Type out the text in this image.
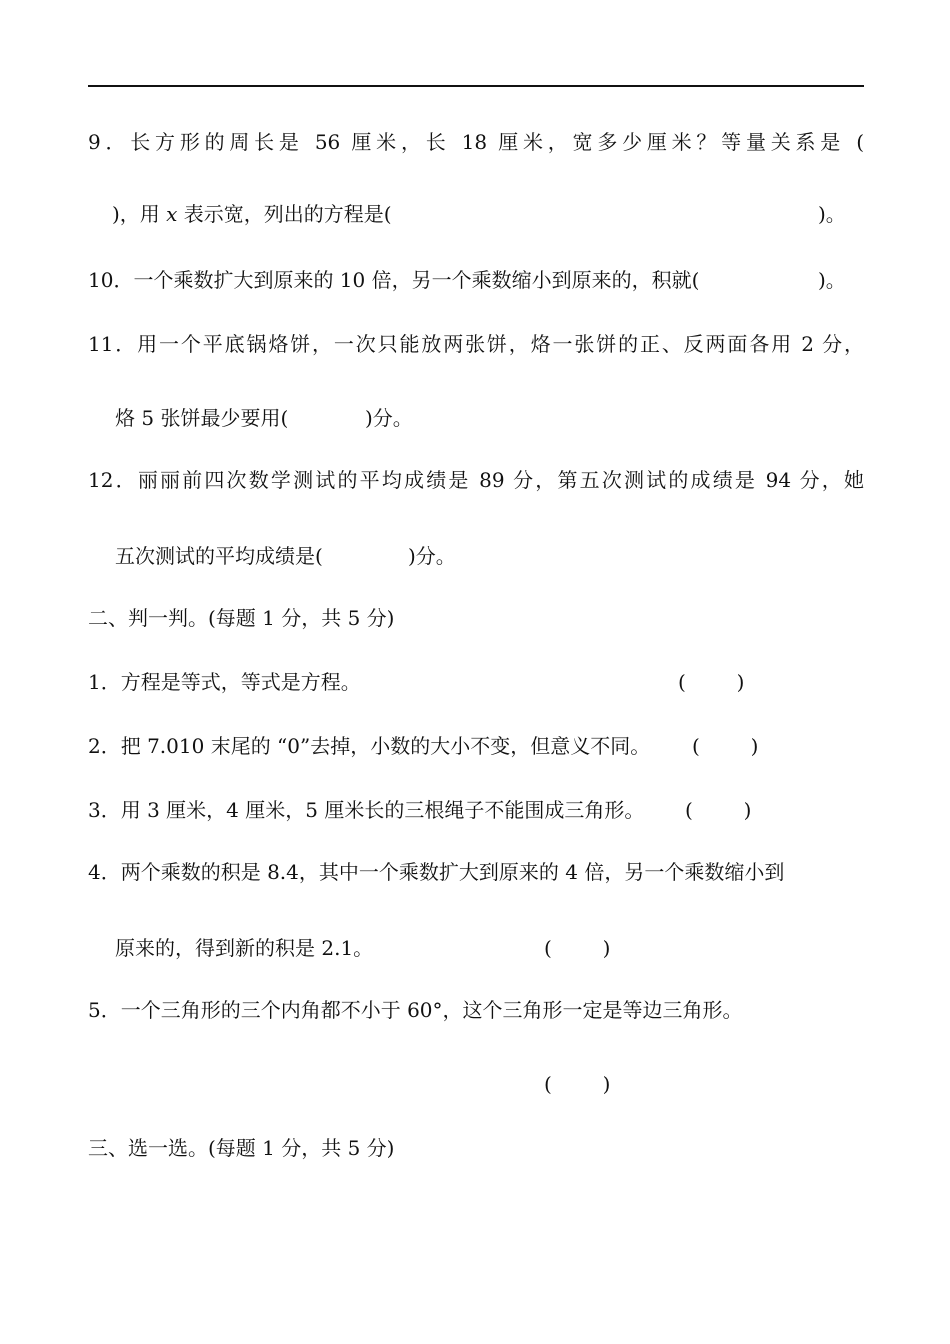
9．长方形的周长是 56 厘米，长 18 厘米，宽多少厘米？等量关系是 (
)，用 x 表示宽，列出的方程是(	)。
10．一个乘数扩大到原来的 10 倍，另一个乘数缩小到原来的，积就(	)。
11．用一个平底锅烙饼，一次只能放两张饼，烙一张饼的正、反两面各用 2 分，
烙 5 张饼最少要用(	)分。
12．丽丽前四次数学测试的平均成绩是 89 分，第五次测试的成绩是 94 分，她
五次测试的平均成绩是(	)分。
二、判一判。(每题 1 分，共 5 分)
1．方程是等式，等式是方程。	(        )
2．把 7.010 末尾的 “0”去掉，小数的大小不变，但意义不同。 (        )
3．用 3 厘米，4 厘米，5 厘米长的三根绳子不能围成三角形。 (        )
4．两个乘数的积是 8.4，其中一个乘数扩大到原来的 4 倍，另一个乘数缩小到
原来的，得到新的积是 2.1。	(        )
5．一个三角形的三个内角都不小于 60°，这个三角形一定是等边三角形。
(        )
三、选一选。(每题 1 分，共 5 分)
